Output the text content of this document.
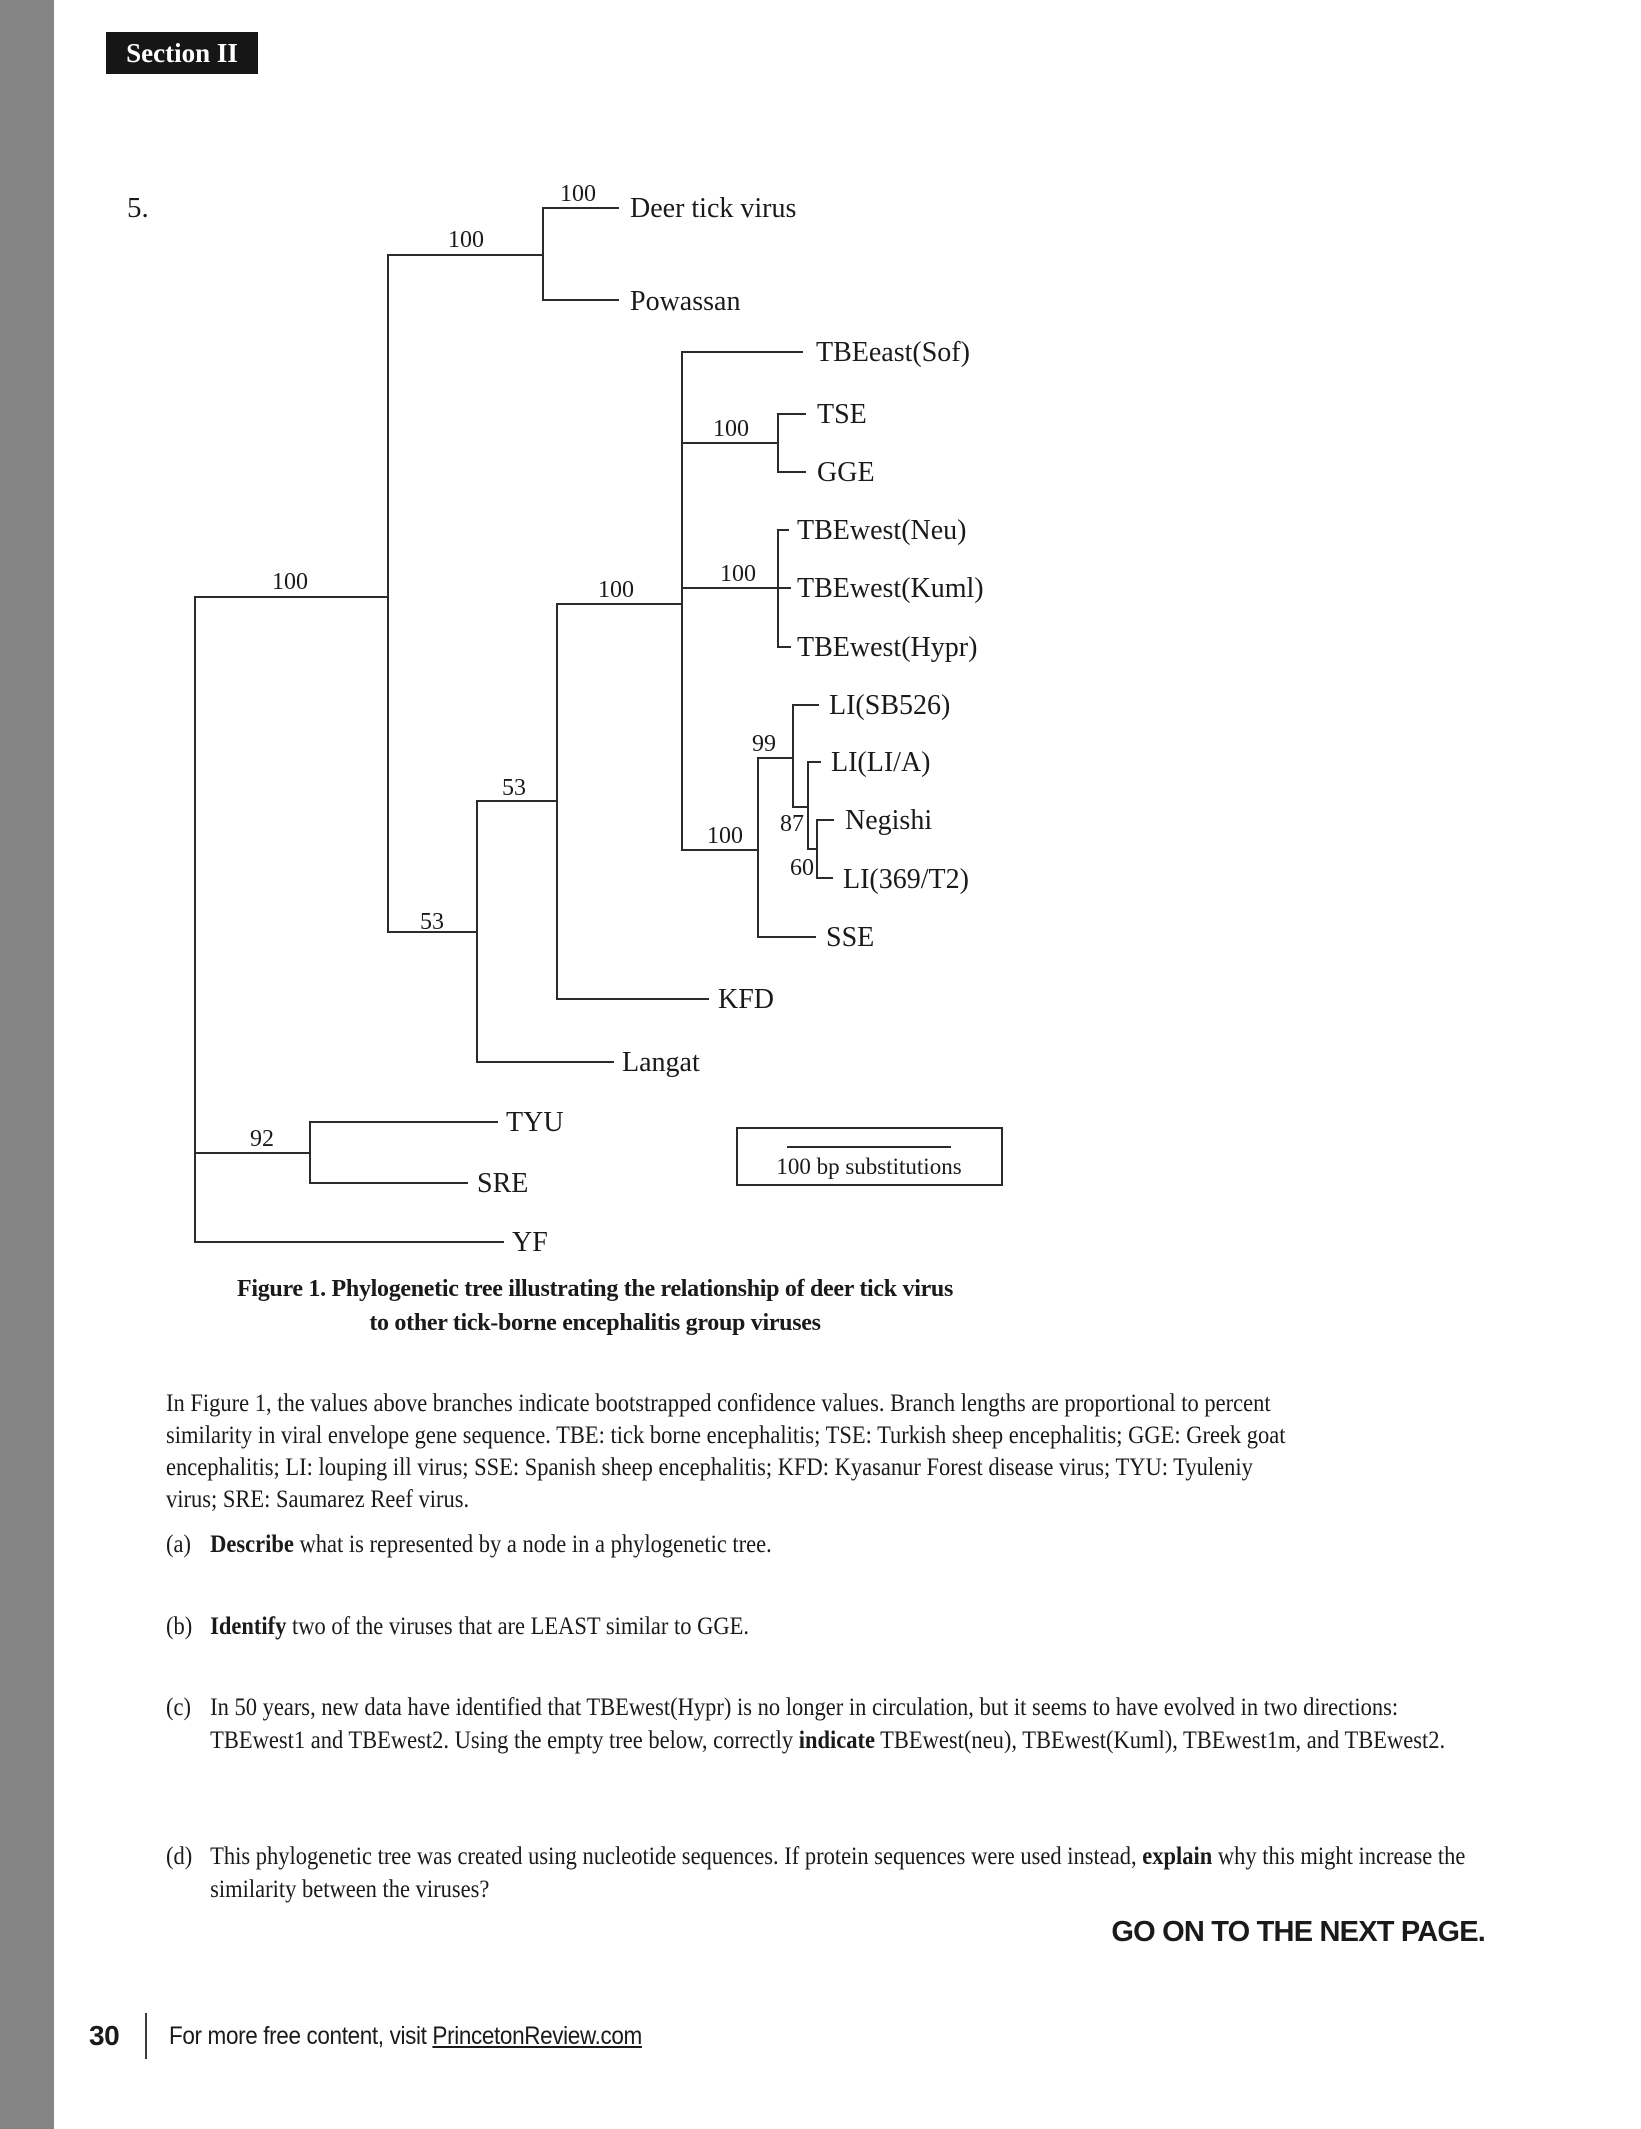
Section II
5.	100
100
100
100
100
100
100
99
87
60
53
53
92
Deer tick virus
Powassan
TBEeast(Sof)
TSE
GGE
TBEwest(Neu)
TBEwest(Kuml)
TBEwest(Hypr)
LI(SB526)
LI(LI/A)
Negishi
LI(369/T2)
SSE
KFD
Langat
TYU
SRE
YF
100 bp substitutions
Figure 1. Phylogenetic tree illustrating the relationship of deer tick virus
to other tick-borne encephalitis group viruses
In Figure 1, the values above branches indicate bootstrapped confidence values. Branch lengths are proportional to percent
similarity in viral envelope gene sequence. TBE: tick borne encephalitis; TSE: Turkish sheep encephalitis; GGE: Greek goat
encephalitis; LI: louping ill virus; SSE: Spanish sheep encephalitis; KFD: Kyasanur Forest disease virus; TYU: Tyuleniy
virus; SRE: Saumarez Reef virus.
(a) Describe what is represented by a node in a phylogenetic tree.
(b) Identify two of the viruses that are LEAST similar to GGE.
(c) In 50 years, new data have identified that TBEwest(Hypr) is no longer in circulation, but it seems to have evolved in two directions: TBEwest1 and TBEwest2. Using the empty tree below, correctly indicate TBEwest(neu), TBEwest(Kuml), TBEwest1m, and TBEwest2.
(d) This phylogenetic tree was created using nucleotide sequences. If protein sequences were used instead, explain why this might increase the similarity between the viruses?
GO ON TO THE NEXT PAGE.
30 For more free content, visit PrincetonReview.com
